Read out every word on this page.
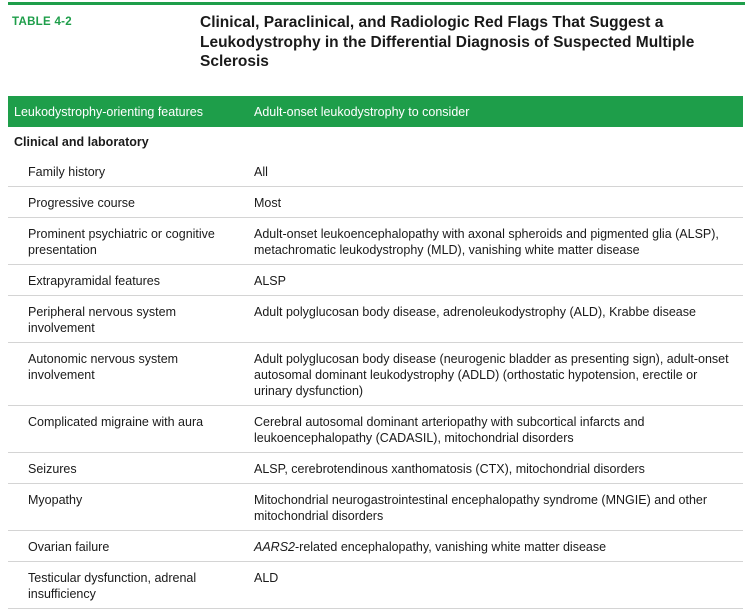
TABLE 4-2	Clinical, Paraclinical, and Radiologic Red Flags That Suggest a Leukodystrophy in the Differential Diagnosis of Suspected Multiple Sclerosis
Leukodystrophy-orienting features	Adult-onset leukodystrophy to consider
Clinical and laboratory	
Family history	All
Progressive course	Most
Prominent psychiatric or cognitive presentation	Adult-onset leukoencephalopathy with axonal spheroids and pigmented glia (ALSP), metachromatic leukodystrophy (MLD), vanishing white matter disease
Extrapyramidal features	ALSP
Peripheral nervous system involvement	Adult polyglucosan body disease, adrenoleukodystrophy (ALD), Krabbe disease
Autonomic nervous system involvement	Adult polyglucosan body disease (neurogenic bladder as presenting sign), adult-onset autosomal dominant leukodystrophy (ADLD) (orthostatic hypotension, erectile or urinary dysfunction)
Complicated migraine with aura	Cerebral autosomal dominant arteriopathy with subcortical infarcts and leukoencephalopathy (CADASIL), mitochondrial disorders
Seizures	ALSP, cerebrotendinous xanthomatosis (CTX), mitochondrial disorders
Myopathy	Mitochondrial neurogastrointestinal encephalopathy syndrome (MNGIE) and other mitochondrial disorders
Ovarian failure	AARS2-related encephalopathy, vanishing white matter disease
Testicular dysfunction, adrenal insufficiency	ALD
